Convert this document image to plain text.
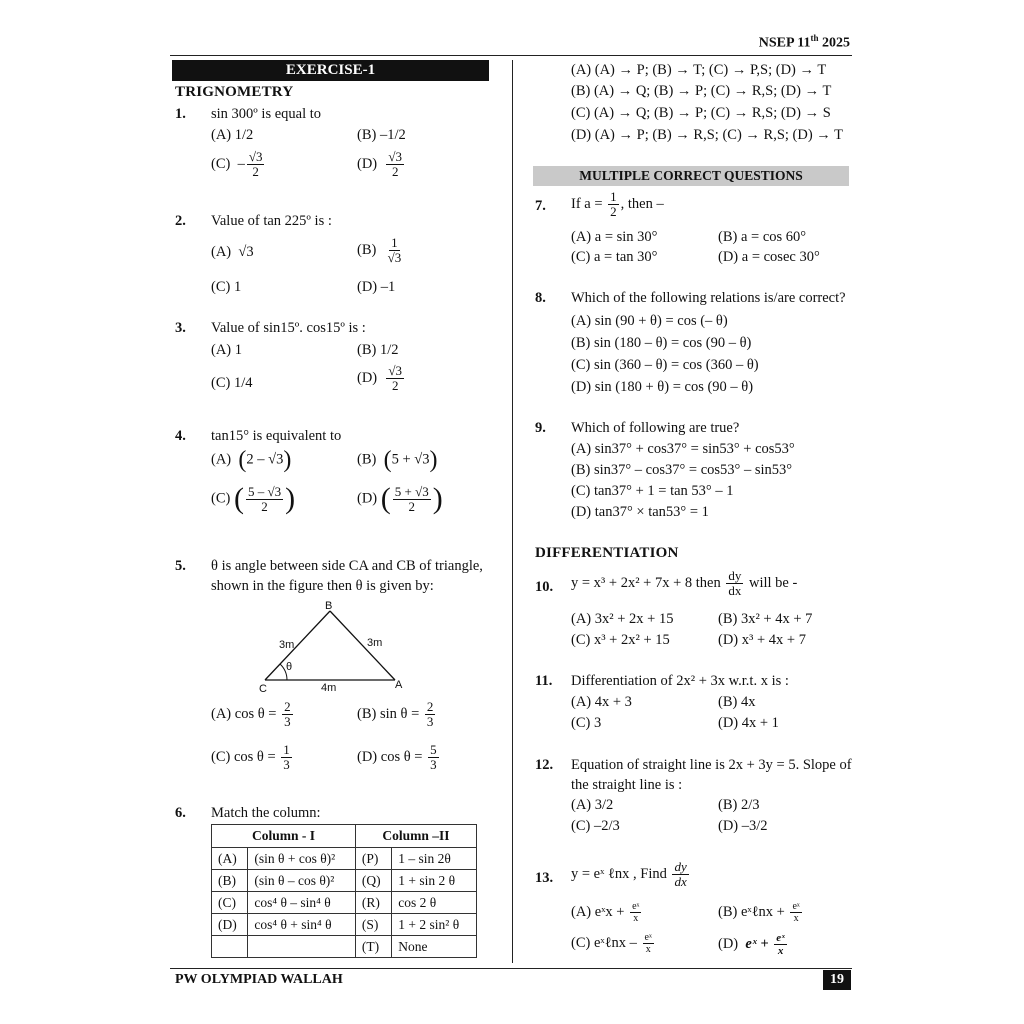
NSEP 11th 2025
PW OLYMPIAD WALLAH	19
EXERCISE-1
TRIGNOMETRY
1. sin 300º is equal to
(A) 1/2	(B) –1/2
$(C) - \frac{√3}{2}$	$(D) \frac{√3}{2}$
2. Value of tan 225º is :
(A) √3	$(B) \frac{1}{√3}$
(C) 1	(D) –1
3. Value of sin15º. cos15º is :
(A) 1	(B) 1/2
(C) 1/4	$(D) \frac{√3}{2}$
4. tan15° is equivalent to
(A) (2 – √3)	(B) (5 + √3)
(C) ( $\frac{5 - √3}{2}$ )	(D) ( $\frac{5 + √3}{2}$ )
5. θ is angle between side CA and CB of triangle,
shown in the figure then θ is given by:
B
C	A
3m	3m
4m
θ
(A) $\cos \theta = \frac{2}{3}$	(B) $\sin \theta = \frac{2}{3}$
(C) $\cos \theta = \frac{1}{3}$	(D) $\cos \theta = \frac{5}{3}$
6. Match the column:
Column - I		Column –II	
(A)	(sin θ + cos θ)²	(P)	1 – sin 2θ
(B)	(sin θ – cos θ)²	(Q)	1 + sin 2 θ
(C)	cos⁴ θ – sin⁴ θ	(R)	cos 2 θ
(D)	cos⁴ θ + sin⁴ θ	(S)	1 + 2 sin² θ
		(T)	None
(A) (A) → P; (B) → T; (C) → P,S; (D) → T
(B) (A) → Q; (B) → P; (C) → R,S; (D) → T
(C) (A) → Q; (B) → P; (C) → R,S; (D) → S
(D) (A) → P; (B) → R,S; (C) → R,S; (D) → T
MULTIPLE CORRECT QUESTIONS
7. If $a = \frac{1}{2}$ , then –
(A) a = sin 30°	(B) a = cos 60°
(C) a = tan 30°	(D) a = cosec 30°
8. Which of the following relations is/are correct?
(A) sin (90 + θ) = cos (– θ)
(B) sin (180 – θ) = cos (90 – θ)
(C) sin (360 – θ) = cos (360 – θ)
(D) sin (180 + θ) = cos (90 – θ)
9. Which of following are true?
(A) sin37° + cos37° = sin53° + cos53°
(B) sin37° – cos37° = cos53° – sin53°
(C) tan37° + 1 = tan 53° – 1
(D) tan37° × tan53° = 1
DIFFERENTIATION
10. y = x³ + 2x² + 7x + 8 then $\frac{dy}{dx}$ will be -
(A) 3x² + 2x + 15	(B) 3x² + 4x + 7
(C) x³ + 2x² + 15	(D) x³ + 4x + 7
11. Differentiation of 2x² + 3x w.r.t. x is :
(A) 4x + 3	(B) 4x
(C) 3	(D) 4x + 1
12. Equation of straight line is 2x + 3y = 5. Slope of
the straight line is :
(A) 3/2	(B) 2/3
(C) –2/3	(D) –3/2
13. y = eˣ ℓnx , Find $\frac{dy}{dx}$
(A) eˣx + $\frac{\text{eˣ}}{x}$	(B) eˣℓnx + $\frac{\text{eˣ}}{x}$
(C) eˣℓnx – $\frac{\text{eˣ}}{x}$	(D) eˣ + $\frac{\text{eˣ}}{x}$
